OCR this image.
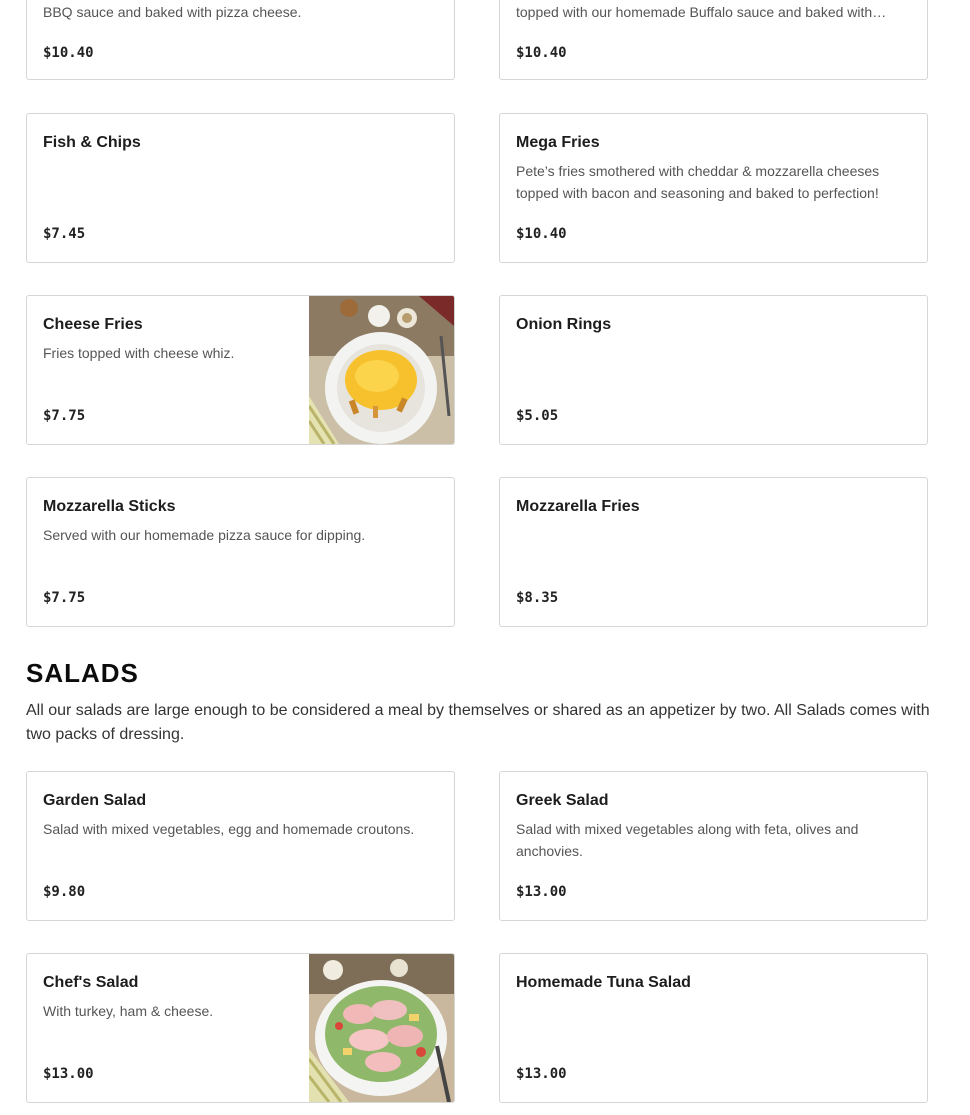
BBQ sauce and baked with pizza cheese.
$10.40
topped with our homemade Buffalo sauce and baked with…
$10.40
Fish & Chips
$7.45
Mega Fries
Pete’s fries smothered with cheddar & mozzarella cheeses topped with bacon and seasoning and baked to perfection!
$10.40
Cheese Fries
Fries topped with cheese whiz.
$7.75
Onion Rings
$5.05
Mozzarella Sticks
Served with our homemade pizza sauce for dipping.
$7.75
Mozzarella Fries
$8.35
SALADS
All our salads are large enough to be considered a meal by themselves or shared as an appetizer by two. All Salads comes with two packs of dressing.
Garden Salad
Salad with mixed vegetables, egg and homemade croutons.
$9.80
Greek Salad
Salad with mixed vegetables along with feta, olives and anchovies.
$13.00
Chef's Salad
With turkey, ham & cheese.
$13.00
Homemade Tuna Salad
$13.00
